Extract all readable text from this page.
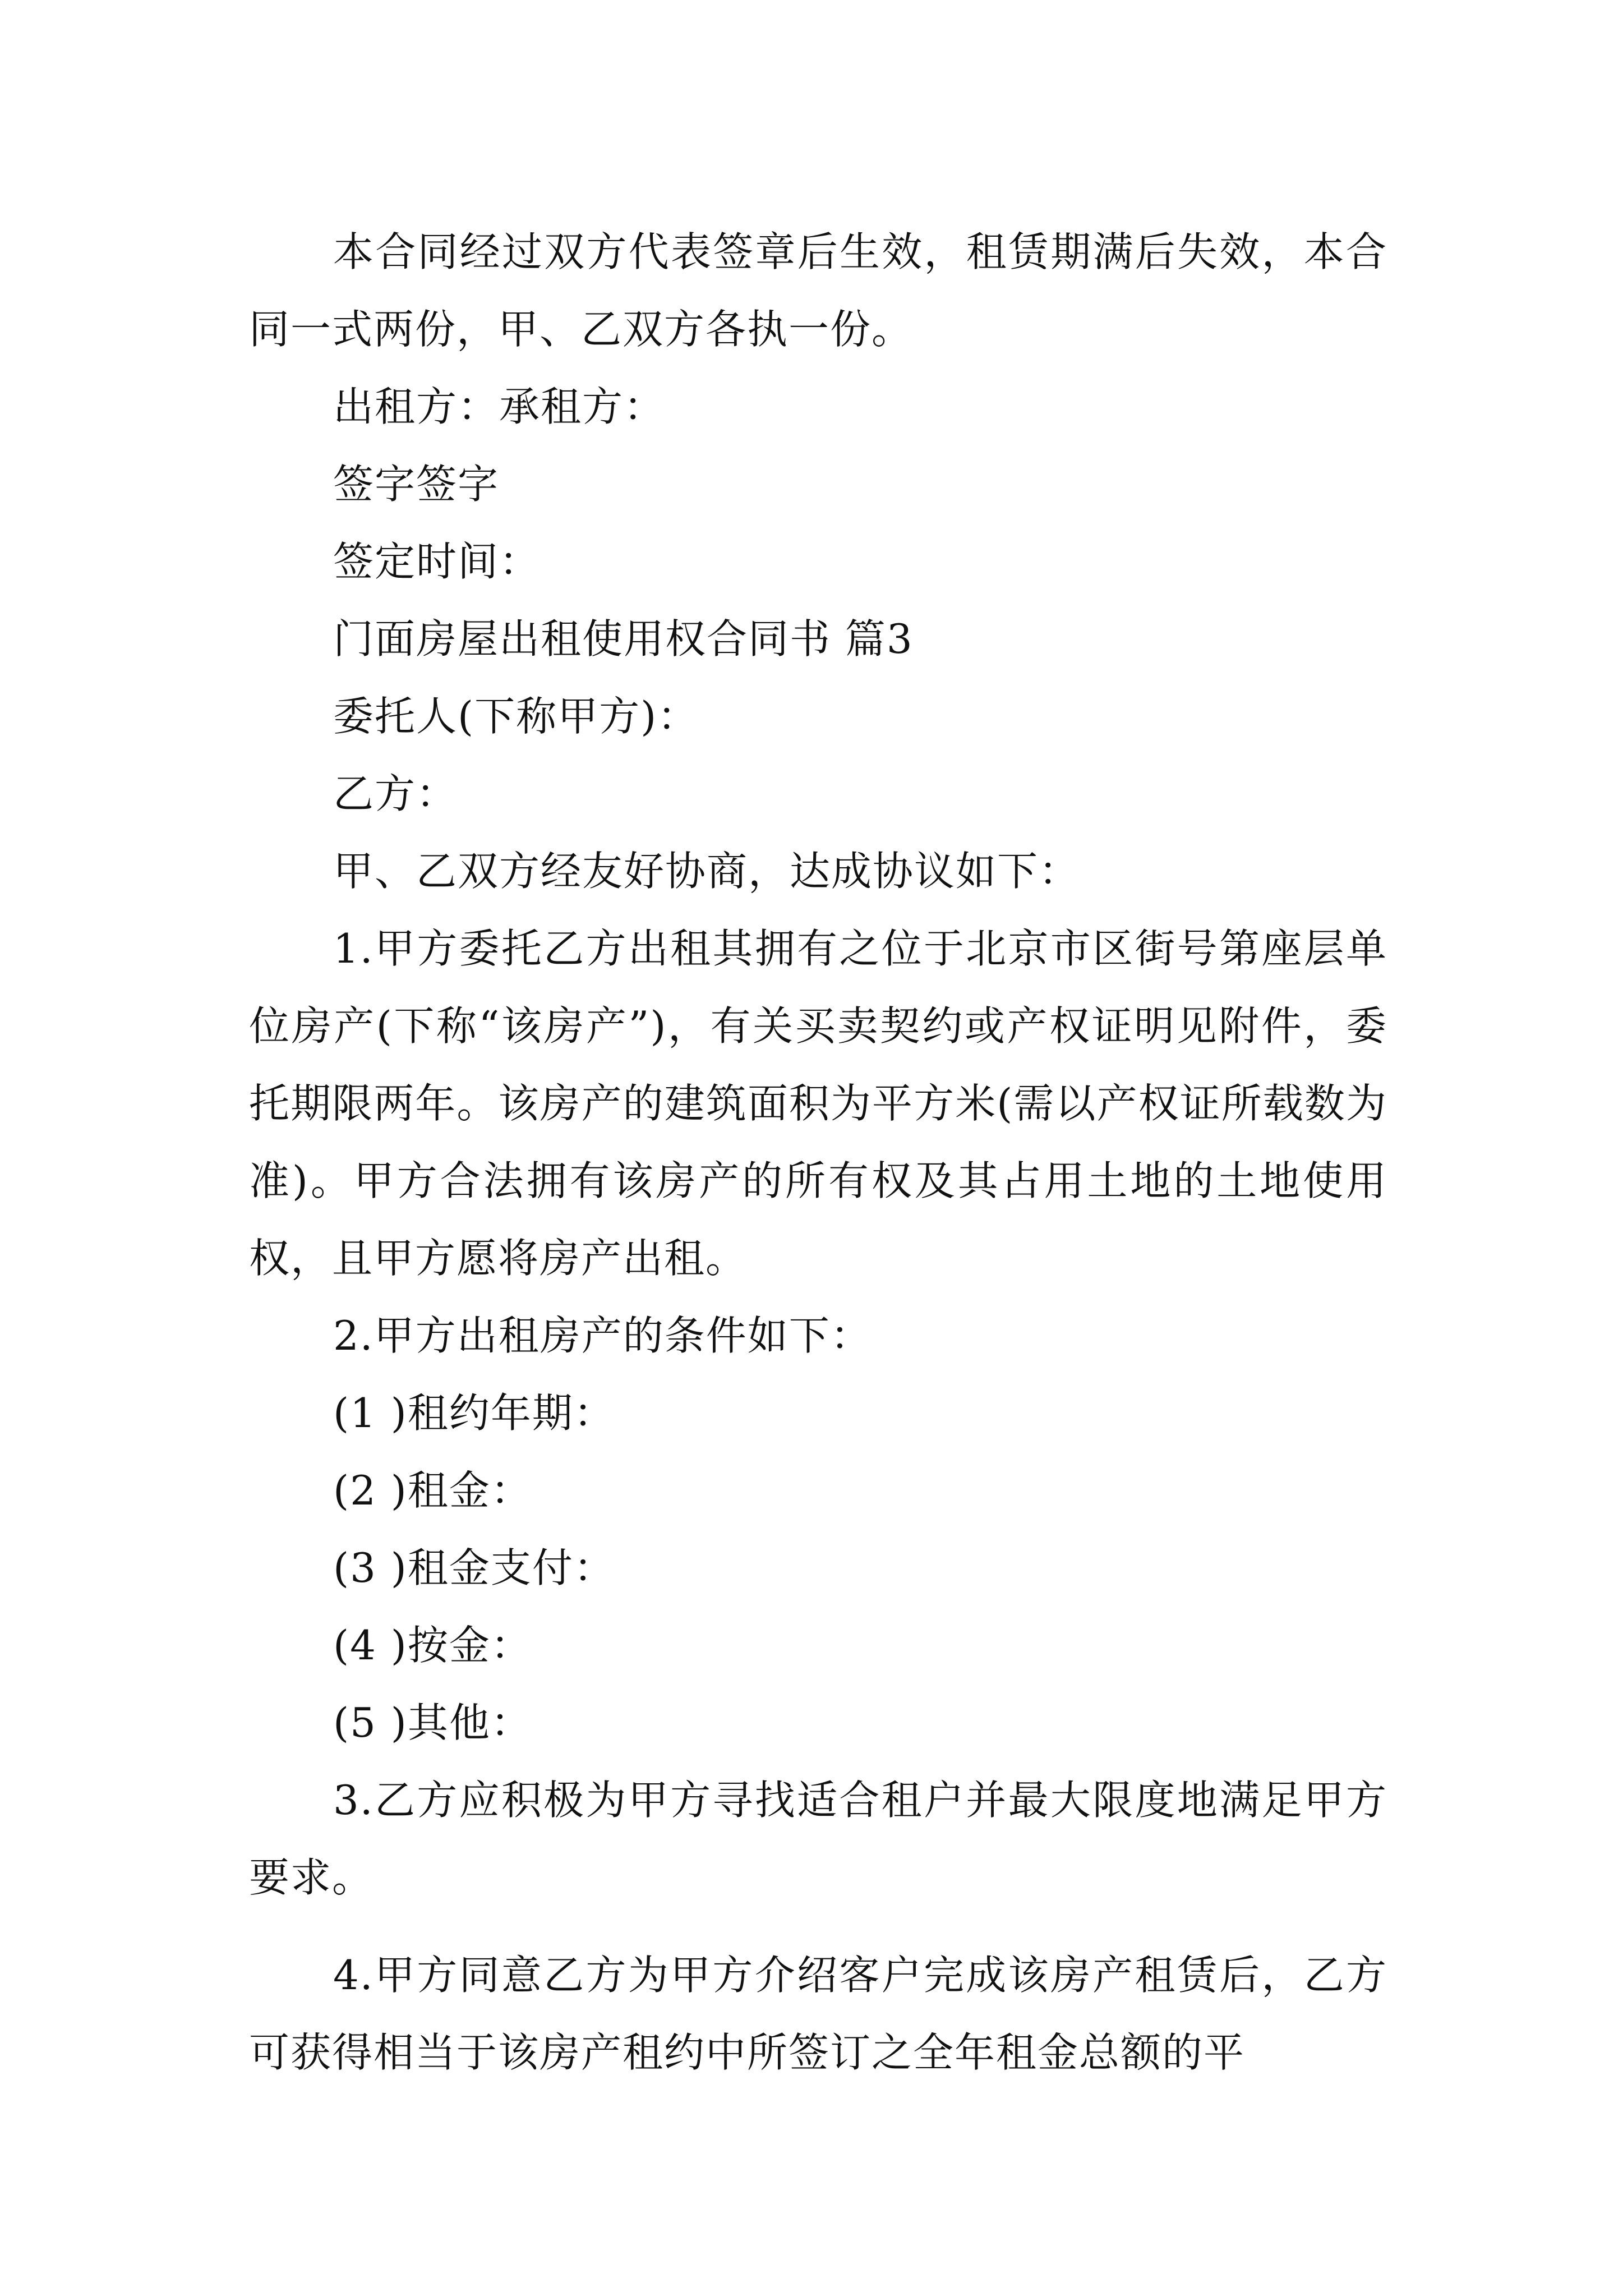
本合同经过双方代表签章后生效，租赁期满后失效，本合同一式两份，甲、乙双方各执一份。

出租方：承租方：

签字签字

签定时间：

门面房屋出租使用权合同书 篇3

委托人(下称甲方)：

乙方：

甲、乙双方经友好协商，达成协议如下：

1.甲方委托乙方出租其拥有之位于北京市区街号第座层单位房产(下称“该房产”)，有关买卖契约或产权证明见附件，委托期限两年。该房产的建筑面积为平方米(需以产权证所载数为准)。甲方合法拥有该房产的所有权及其占用土地的土地使用权，且甲方愿将房产出租。

2.甲方出租房产的条件如下：

(1 )租约年期：

(2 )租金：

(3 )租金支付：

(4 )按金：

(5 )其他：

3.乙方应积极为甲方寻找适合租户并最大限度地满足甲方要求。

4.甲方同意乙方为甲方介绍客户完成该房产租赁后，乙方可获得相当于该房产租约中所签订之全年租金总额的平
